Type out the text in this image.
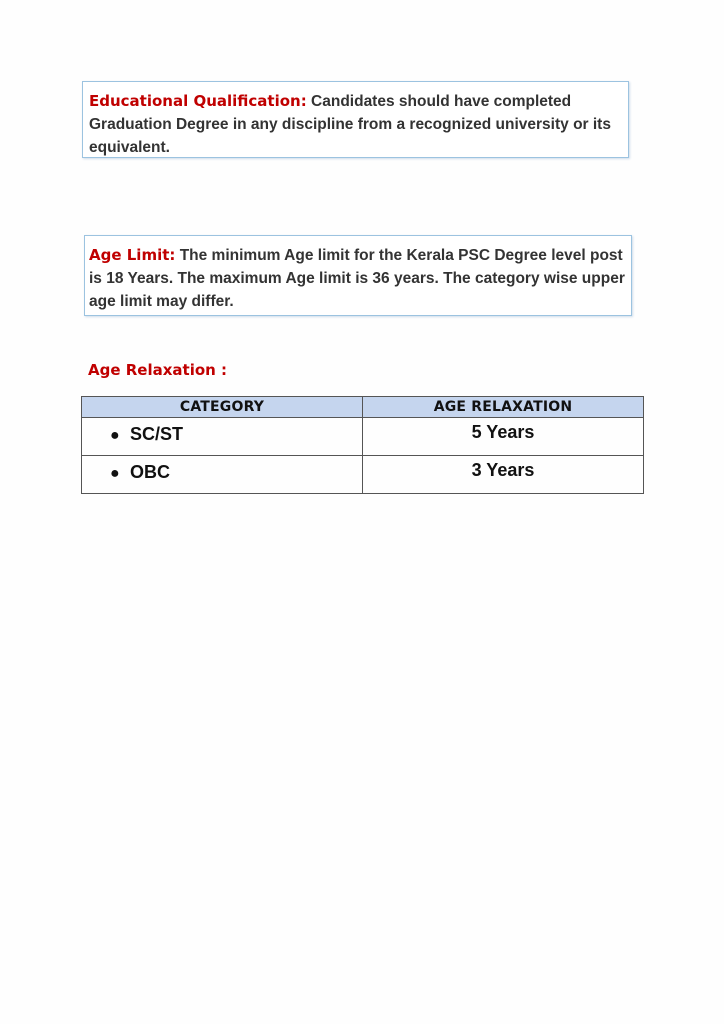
Educational Qualification: Candidates should have completed Graduation Degree in any discipline from a recognized university or its equivalent.
Age Limit: The minimum Age limit for the Kerala PSC Degree level post is 18 Years. The maximum Age limit is 36 years. The category wise upper age limit may differ.
Age Relaxation :
CATEGORY	AGE RELAXATION
● SC/ST	5 Years
● OBC	3 Years
